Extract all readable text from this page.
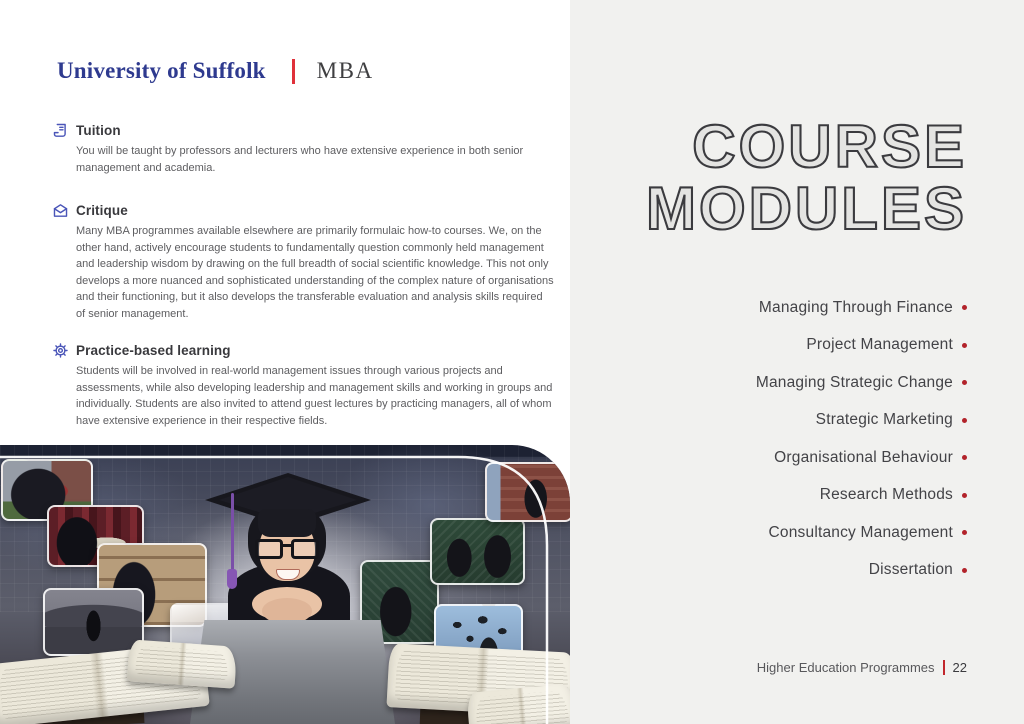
University of Suffolk MBA
Tuition

You will be taught by professors and lecturers who have extensive experience in both senior management and academia.

Critique

Many MBA programmes available elsewhere are primarily formulaic how-to courses. We, on the other hand, actively encourage students to fundamentally question commonly held management and leadership wisdom by drawing on the full breadth of social scientific knowledge. This not only develops a more nuanced and sophisticated understanding of the complex nature of organisations and their functioning, but it also develops the transferable evaluation and analysis skills required of senior management.

Practice-based learning

Students will be involved in real-world management issues through various projects and assessments, while also developing leadership and management skills and working in groups and individually. Students are also invited to attend guest lectures by practicing managers, all of whom have extensive experience in their respective fields.

COURSE
MODULES
Managing Through Finance
Project Management
Managing Strategic Change
Strategic Marketing
Organisational Behaviour
Research Methods
Consultancy Management
Dissertation
Higher Education Programmes 22
